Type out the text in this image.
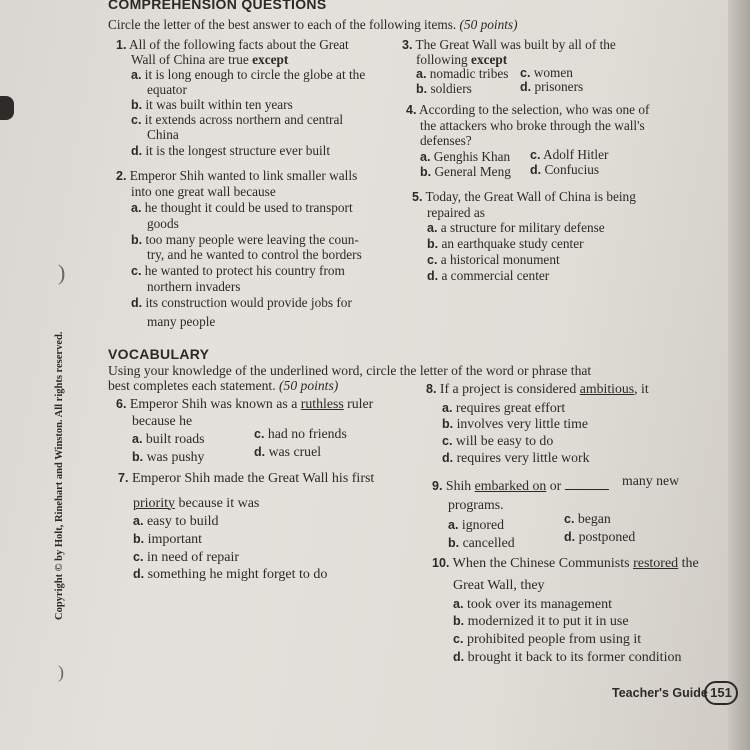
)
)
COMPREHENSION QUESTIONS
Circle the letter of the best answer to each of the following items. (50 points)
1. All of the following facts about the Great
Wall of China are true except
a. it is long enough to circle the globe at the
equator
b. it was built within ten years
c. it extends across northern and central
China
d. it is the longest structure ever built
2. Emperor Shih wanted to link smaller walls
into one great wall because
a. he thought it could be used to transport
goods
b. too many people were leaving the coun-
try, and he wanted to control the borders
c. he wanted to protect his country from
northern invaders
d. its construction would provide jobs for
many people
3. The Great Wall was built by all of the
following except
a. nomadic tribes c. women
b. soldiers	d. prisoners
4. According to the selection, who was one of
the attackers who broke through the wall's
defenses?
a. Genghis Khan c. Adolf Hitler
b. General Meng d. Confucius
5. Today, the Great Wall of China is being
repaired as
a. a structure for military defense
b. an earthquake study center
c. a historical monument
d. a commercial center
VOCABULARY
Using your knowledge of the underlined word, circle the letter of the word or phrase that
best completes each statement. (50 points)
6. Emperor Shih was known as a ruthless ruler
because he
a. built roads	c. had no friends
b. was pushy	d. was cruel
7. Emperor Shih made the Great Wall his first
priority because it was
a. easy to build
b. important
c. in need of repair
d. something he might forget to do
8. If a project is considered ambitious, it
a. requires great effort
b. involves very little time
c. will be easy to do
d. requires very little work
9. Shih embarked on or	many new
programs.
a. ignored	c. began
b. cancelled	d. postponed
10. When the Chinese Communists restored the
Great Wall, they
a. took over its management
b. modernized it to put it in use
c. prohibited people from using it
d. brought it back to its former condition
Copyright © by Holt, Rinehart and Winston. All rights reserved.
Teacher's Guide 151
